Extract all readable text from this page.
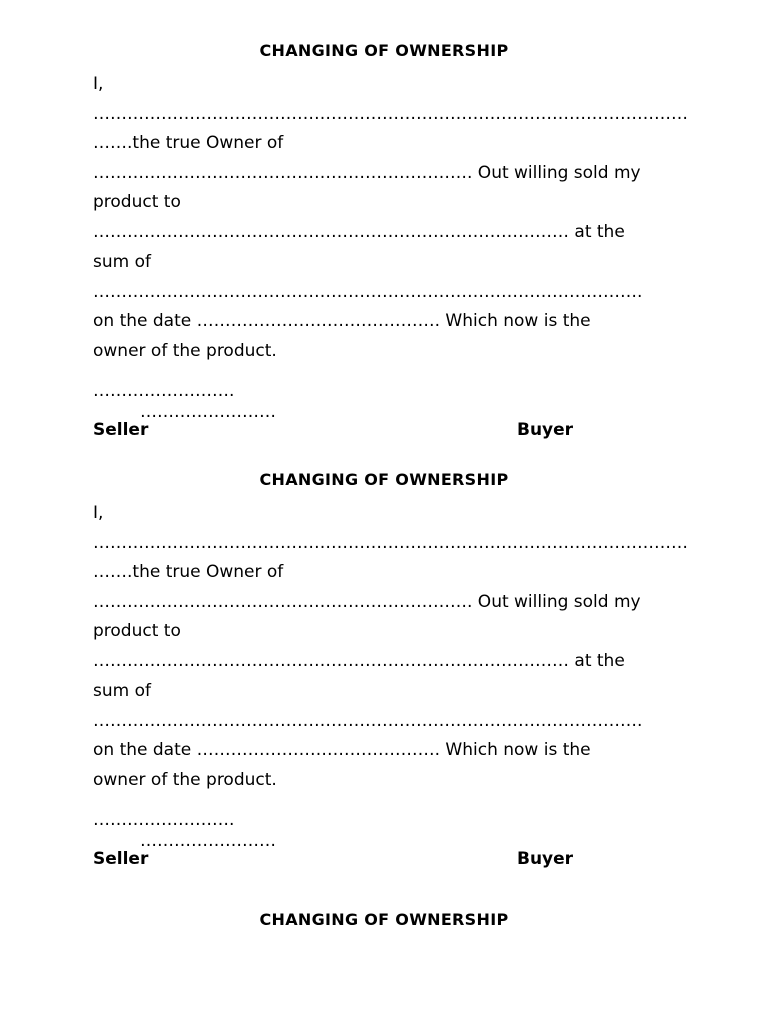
CHANGING OF OWNERSHIP
I,
……………………………………………………………………………………………
…….the true Owner of
…………………………………………………………. Out willing sold my
product to
………………………………………………………………………… at the
sum of
…………………………………………………………………………………….
on the date ……………………………………. Which now is the
owner of the product.
…………………….
……………………
Seller	Buyer
CHANGING OF OWNERSHIP
I,
……………………………………………………………………………………………
…….the true Owner of
…………………………………………………………. Out willing sold my
product to
………………………………………………………………………… at the
sum of
…………………………………………………………………………………….
on the date ……………………………………. Which now is the
owner of the product.
…………………….
……………………
Seller	Buyer
CHANGING OF OWNERSHIP
